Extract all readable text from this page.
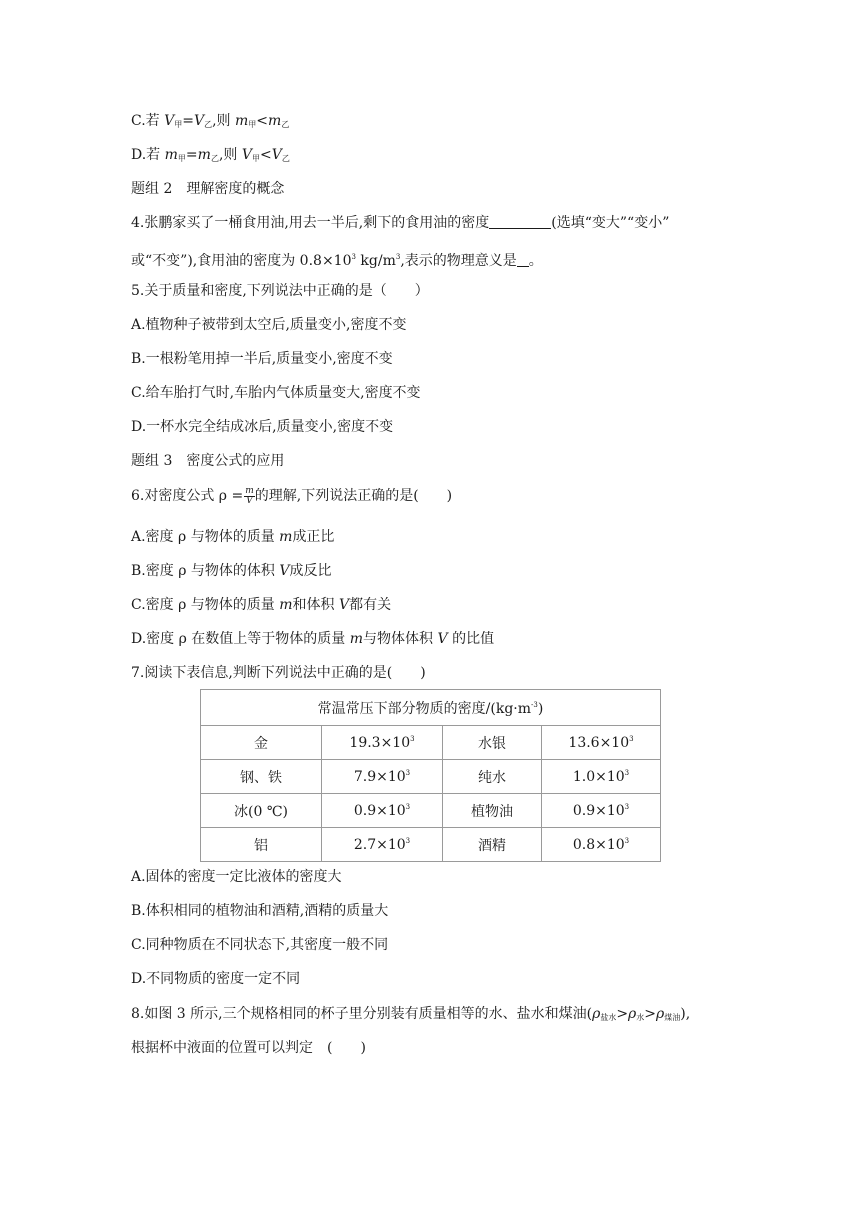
C.若 $V_甲=V_乙$,则 $m_甲<m_乙$
D.若 $m_甲=m_乙$,则 $V_甲<V_乙$
题组 2　理解密度的概念
4.张鹏家买了一桶食用油,用去一半后,剩下的食用油的密度	(选填“变大”“变小”
或“不变”),食用油的密度为 $0.8\times 10^3$ $kg/m^3$,表示的物理意义是 。
5.关于质量和密度,下列说法中正确的是（　　）
A.植物种子被带到太空后,质量变小,密度不变
B.一根粉笔用掉一半后,质量变小,密度不变
C.给车胎打气时,车胎内气体质量变大,密度不变
D.一杯水完全结成冰后,质量变小,密度不变
题组 3　密度公式的应用
6.对密度公式 $\rho = \frac{m}{V}$ 的理解,下列说法正确的是(　　)
A.密度 ρ 与物体的质量 m成正比
B.密度 ρ 与物体的体积 V成反比
C.密度 ρ 与物体的质量 m和体积 V都有关
D.密度 ρ 在数值上等于物体的质量 m与物体体积 V 的比值
7.阅读下表信息,判断下列说法中正确的是(　　)
常温常压下部分物质的密度$/(kg\cdot m^{-3})$			
金	$19.3\times 10^3$	水银	$13.6\times 10^3$
钢、铁	$7.9\times 10^3$	纯水	$1.0\times 10^3$
冰(0 ℃)	$0.9\times 10^3$	植物油	$0.9\times 10^3$
铝	$2.7\times 10^3$	酒精	$0.8\times 10^3$
A.固体的密度一定比液体的密度大
B.体积相同的植物油和酒精,酒精的质量大
C.同种物质在不同状态下,其密度一般不同
D.不同物质的密度一定不同
8.如图 3 所示,三个规格相同的杯子里分别装有质量相等的水、盐水和煤油$(\rho_{盐水}>\rho_水>\rho_{煤油})$,
根据杯中液面的位置可以判定　(　　)
